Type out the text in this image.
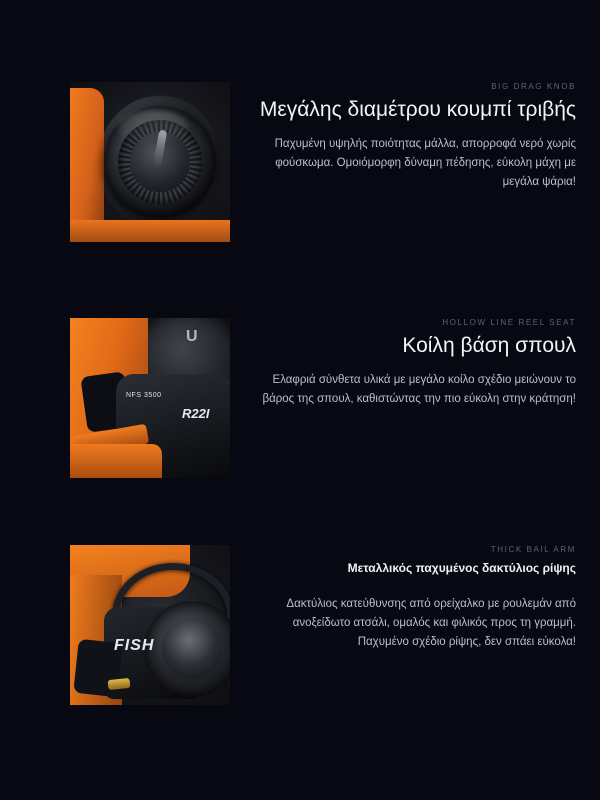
BIG DRAG KNOB

Μεγάλης διαμέτρου κουμπί τριβής

Παχυμένη υψηλής ποιότητας μάλλα, απορροφά νερό χωρίς φούσκωμα. Ομοιόμορφη δύναμη πέδησης, εύκολη μάχη με μεγάλα ψάρια!

U
NFS 3500
R22I

HOLLOW LINE REEL SEAT

Κοίλη βάση σπουλ

Ελαφριά σύνθετα υλικά με μεγάλο κοίλο σχέδιο μειώνουν το βάρος της σπουλ, καθιστώντας την πιο εύκολη στην κράτηση!

FISH

THICK BAIL ARM

Μεταλλικός παχυμένος δακτύλιος ρίψης

Δακτύλιος κατεύθυνσης από ορείχαλκο με ρουλεμάν από ανοξείδωτο ατσάλι, ομαλός και φιλικός προς τη γραμμή. Παχυμένο σχέδιο ρίψης, δεν σπάει εύκολα!
